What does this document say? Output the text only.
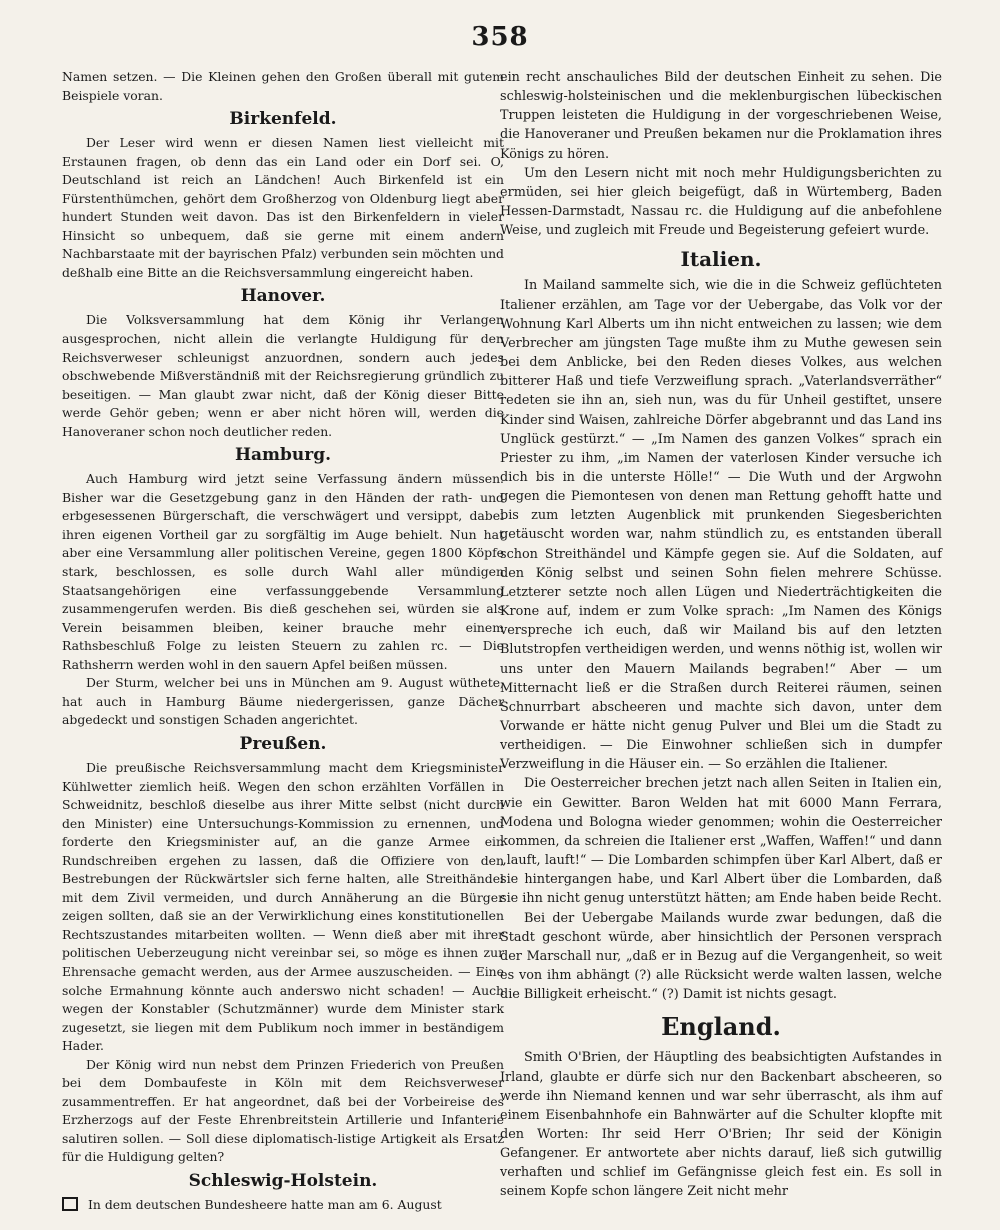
358

Namen setzen. — Die Kleinen gehen den Großen überall mit gutem Beispiele voran.

Birkenfeld.

Der Leser wird wenn er diesen Namen liest vielleicht mit Erstaunen fragen, ob denn das ein Land oder ein Dorf sei. O, Deutschland ist reich an Ländchen! Auch Birkenfeld ist ein Fürstenthümchen, gehört dem Großherzog von Oldenburg liegt aber hundert Stunden weit davon. Das ist den Birkenfeldern in vieler Hinsicht so unbequem, daß sie gerne mit einem andern Nachbarstaate mit der bayrischen Pfalz) verbunden sein möchten und deßhalb eine Bitte an die Reichsversammlung eingereicht haben.

Hanover.

Die Volksversammlung hat dem König ihr Verlangen ausgesprochen, nicht allein die verlangte Huldigung für den Reichsverweser schleunigst anzuordnen, sondern auch jedes obschwebende Mißverständniß mit der Reichsregierung gründlich zu beseitigen. — Man glaubt zwar nicht, daß der König dieser Bitte werde Gehör geben; wenn er aber nicht hören will, werden die Hanoveraner schon noch deutlicher reden.

Hamburg.

Auch Hamburg wird jetzt seine Verfassung ändern müssen. Bisher war die Gesetzgebung ganz in den Händen der rath- und erbgesessenen Bürgerschaft, die verschwägert und versippt, dabei ihren eigenen Vortheil gar zu sorgfältig im Auge behielt. Nun hat aber eine Versammlung aller politischen Vereine, gegen 1800 Köpfe stark, beschlossen, es solle durch Wahl aller mündigen Staatsangehörigen eine verfassunggebende Versammlung zusammengerufen werden. Bis dieß geschehen sei, würden sie als Verein beisammen bleiben, keiner brauche mehr einem Rathsbeschluß Folge zu leisten Steuern zu zahlen rc. — Die Rathsherrn werden wohl in den sauern Apfel beißen müssen.

Der Sturm, welcher bei uns in München am 9. August wüthete, hat auch in Hamburg Bäume niedergerissen, ganze Dächer abgedeckt und sonstigen Schaden angerichtet.

Preußen.

Die preußische Reichsversammlung macht dem Kriegsminister Kühlwetter ziemlich heiß. Wegen den schon erzählten Vorfällen in Schweidnitz, beschloß dieselbe aus ihrer Mitte selbst (nicht durch den Minister) eine Untersuchungs-Kommission zu ernennen, und forderte den Kriegsminister auf, an die ganze Armee ein Rundschreiben ergehen zu lassen, daß die Offiziere von den Bestrebungen der Rückwärtsler sich ferne halten, alle Streithändel mit dem Zivil vermeiden, und durch Annäherung an die Bürger zeigen sollten, daß sie an der Verwirklichung eines konstitutionellen Rechtszustandes mitarbeiten wollten. — Wenn dieß aber mit ihrer politischen Ueberzeugung nicht vereinbar sei, so möge es ihnen zur Ehrensache gemacht werden, aus der Armee auszuscheiden. — Eine solche Ermahnung könnte auch anderswo nicht schaden! — Auch wegen der Konstabler (Schutzmänner) wurde dem Minister stark zugesetzt, sie liegen mit dem Publikum noch immer in beständigem Hader.

Der König wird nun nebst dem Prinzen Friederich von Preußen bei dem Dombaufeste in Köln mit dem Reichsverweser zusammentreffen. Er hat angeordnet, daß bei der Vorbeireise des Erzherzogs auf der Feste Ehrenbreitstein Artillerie und Infanterie salutiren sollen. — Soll diese diplomatisch-listige Artigkeit als Ersatz für die Huldigung gelten?

Schleswig-Holstein.

In dem deutschen Bundesheere hatte man am 6. August

ein recht anschauliches Bild der deutschen Einheit zu sehen. Die schleswig-holsteinischen und die meklenburgischen lübeckischen Truppen leisteten die Huldigung in der vorgeschriebenen Weise, die Hanoveraner und Preußen bekamen nur die Proklamation ihres Königs zu hören.

Um den Lesern nicht mit noch mehr Huldigungsberichten zu ermüden, sei hier gleich beigefügt, daß in Würtemberg, Baden Hessen-Darmstadt, Nassau rc. die Huldigung auf die anbefohlene Weise, und zugleich mit Freude und Begeisterung gefeiert wurde.

Italien.

In Mailand sammelte sich, wie die in die Schweiz geflüchteten Italiener erzählen, am Tage vor der Uebergabe, das Volk vor der Wohnung Karl Alberts um ihn nicht entweichen zu lassen; wie dem Verbrecher am jüngsten Tage mußte ihm zu Muthe gewesen sein bei dem Anblicke, bei den Reden dieses Volkes, aus welchen bitterer Haß und tiefe Verzweiflung sprach. „Vaterlandsverräther“ redeten sie ihn an, sieh nun, was du für Unheil gestiftet, unsere Kinder sind Waisen, zahlreiche Dörfer abgebrannt und das Land ins Unglück gestürzt.“ — „Im Namen des ganzen Volkes“ sprach ein Priester zu ihm, „im Namen der vaterlosen Kinder versuche ich dich bis in die unterste Hölle!“ — Die Wuth und der Argwohn gegen die Piemontesen von denen man Rettung gehofft hatte und bis zum letzten Augenblick mit prunkenden Siegesberichten getäuscht worden war, nahm stündlich zu, es entstanden überall schon Streithändel und Kämpfe gegen sie. Auf die Soldaten, auf den König selbst und seinen Sohn fielen mehrere Schüsse. Letzterer setzte noch allen Lügen und Niederträchtigkeiten die Krone auf, indem er zum Volke sprach: „Im Namen des Königs verspreche ich euch, daß wir Mailand bis auf den letzten Blutstropfen vertheidigen werden, und wenns nöthig ist, wollen wir uns unter den Mauern Mailands begraben!“ Aber — um Mitternacht ließ er die Straßen durch Reiterei räumen, seinen Schnurrbart abscheeren und machte sich davon, unter dem Vorwande er hätte nicht genug Pulver und Blei um die Stadt zu vertheidigen. — Die Einwohner schließen sich in dumpfer Verzweiflung in die Häuser ein. — So erzählen die Italiener.

Die Oesterreicher brechen jetzt nach allen Seiten in Italien ein, wie ein Gewitter. Baron Welden hat mit 6000 Mann Ferrara, Modena und Bologna wieder genommen; wohin die Oesterreicher kommen, da schreien die Italiener erst „Waffen, Waffen!“ und dann „lauft, lauft!“ — Die Lombarden schimpfen über Karl Albert, daß er sie hintergangen habe, und Karl Albert über die Lombarden, daß sie ihn nicht genug unterstützt hätten; am Ende haben beide Recht.

Bei der Uebergabe Mailands wurde zwar bedungen, daß die Stadt geschont würde, aber hinsichtlich der Personen versprach der Marschall nur, „daß er in Bezug auf die Vergangenheit, so weit es von ihm abhängt (?) alle Rücksicht werde walten lassen, welche die Billigkeit erheischt.“ (?) Damit ist nichts gesagt.

England.

Smith O'Brien, der Häuptling des beabsichtigten Aufstandes in Irland, glaubte er dürfe sich nur den Backenbart abscheeren, so werde ihn Niemand kennen und war sehr überrascht, als ihm auf einem Eisenbahnhofe ein Bahnwärter auf die Schulter klopfte mit den Worten: Ihr seid Herr O'Brien; Ihr seid der Königin Gefangener. Er antwortete aber nichts darauf, ließ sich gutwillig verhaften und schlief im Gefängnisse gleich fest ein. Es soll in seinem Kopfe schon längere Zeit nicht mehr
